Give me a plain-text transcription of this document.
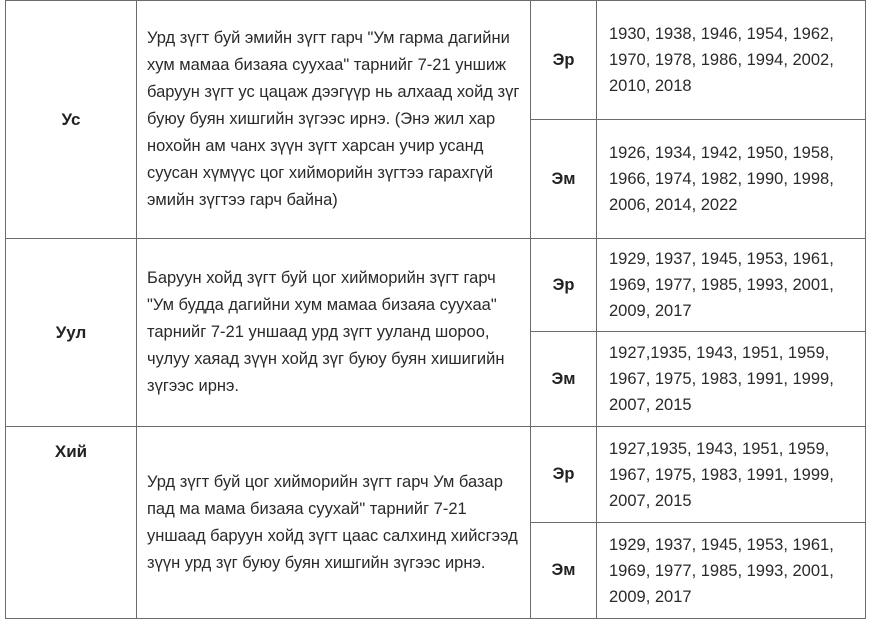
Ус	Урд зүгт буй эмийн зүгт гарч "Ум гарма дагийни хум мамаа бизаяа суухаа" тарнийг 7-21 уншиж баруун зүгт ус цацаж дээгүүр нь алхаад хойд зүг буюу буян хишгийн зүгээс ирнэ. (Энэ жил хар нохойн ам чанх зүүн зүгт харсан учир усанд суусан хүмүүс цог хийморийн зүгтээ гарахгүй эмийн зүгтээ гарч байна)	Эр	1930, 1938, 1946, 1954, 1962, 1970, 1978, 1986, 1994, 2002, 2010, 2018
		Эм	1926, 1934, 1942, 1950, 1958, 1966, 1974, 1982, 1990, 1998, 2006, 2014, 2022
Уул	Баруун хойд зүгт буй цог хийморийн зүгт гарч "Ум будда дагийни хум мамаа бизаяа суухаа" тарнийг 7-21 уншаад урд зүгт ууланд шороо, чулуу хаяад зүүн хойд зүг буюу буян хишигийн зүгээс ирнэ.	Эр	1929, 1937, 1945, 1953, 1961, 1969, 1977, 1985, 1993, 2001, 2009, 2017
		Эм	1927,1935, 1943, 1951, 1959, 1967, 1975, 1983, 1991, 1999, 2007, 2015

Хий	Урд зүгт буй цог хийморийн зүгт гарч Ум базар пад ма мама бизаяа суухай" тарнийг 7-21 уншаад баруун хойд зүгт цаас салхинд хийсгээд зүүн урд зүг буюу буян хишгийн зүгээс ирнэ.	Эр	1927,1935, 1943, 1951, 1959, 1967, 1975, 1983, 1991, 1999, 2007, 2015
		Эм	1929, 1937, 1945, 1953, 1961, 1969, 1977, 1985, 1993, 2001, 2009, 2017
